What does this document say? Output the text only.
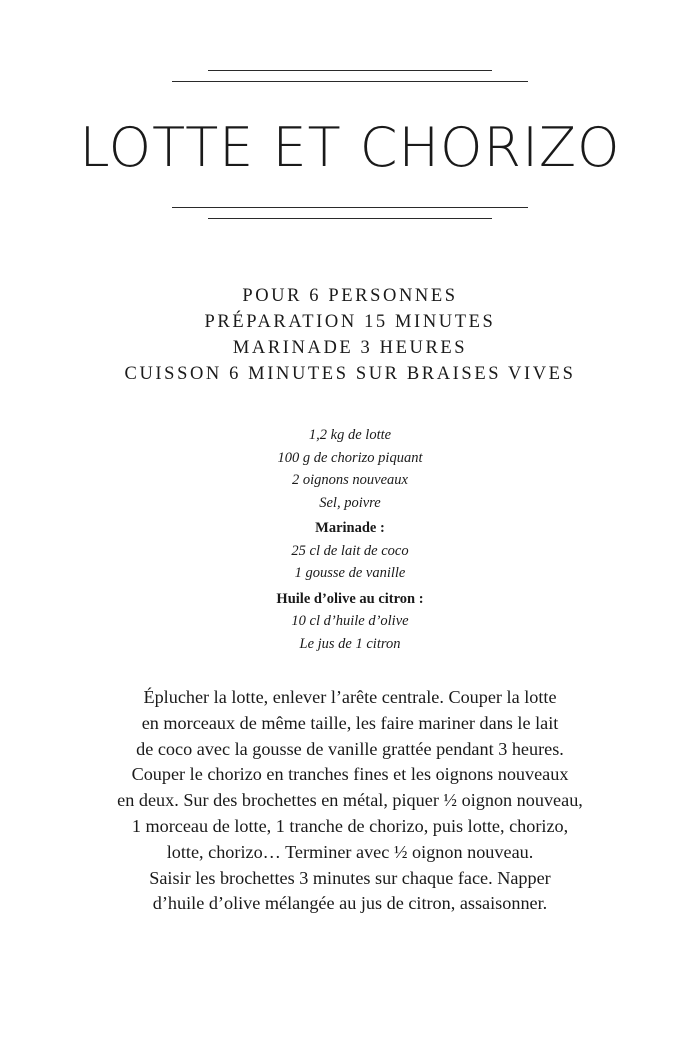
LOTTE ET CHORIZO
POUR 6 PERSONNES
PRÉPARATION 15 MINUTES
MARINADE 3 HEURES
CUISSON 6 MINUTES SUR BRAISES VIVES
1,2 kg de lotte
100 g de chorizo piquant
2 oignons nouveaux
Sel, poivre
Marinade :
25 cl de lait de coco
1 gousse de vanille
Huile d’olive au citron :
10 cl d’huile d’olive
Le jus de 1 citron
Éplucher la lotte, enlever l’arête centrale. Couper la lotte
en morceaux de même taille, les faire mariner dans le lait
de coco avec la gousse de vanille grattée pendant 3 heures.
Couper le chorizo en tranches fines et les oignons nouveaux
en deux. Sur des brochettes en métal, piquer ½ oignon nouveau,
1 morceau de lotte, 1 tranche de chorizo, puis lotte, chorizo,
lotte, chorizo… Terminer avec ½ oignon nouveau.
Saisir les brochettes 3 minutes sur chaque face. Napper
d’huile d’olive mélangée au jus de citron, assaisonner.
